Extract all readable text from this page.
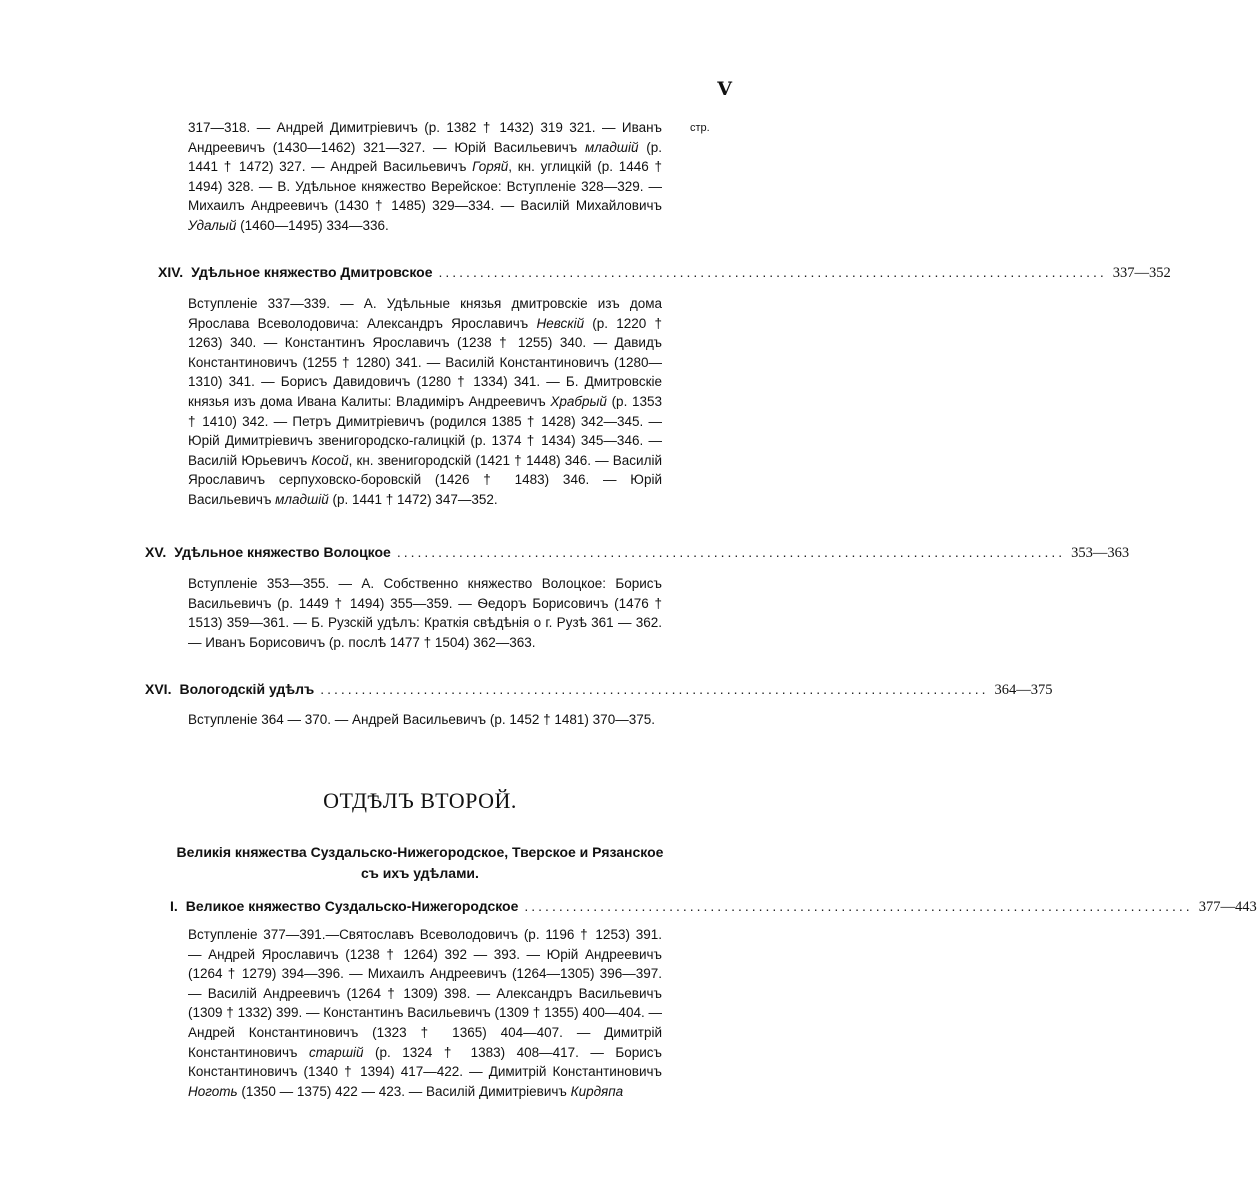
V
стр.
317—318. — Андрей Димитріевичъ (р. 1382 † 1432) 319 321. — Иванъ Андреевичъ (1430—1462) 321—327. — Юрій Васильевичъ младшій (р. 1441 † 1472) 327. — Андрей Васильевичъ Горяй, кн. углицкій (р. 1446 † 1494) 328. — В. Удѣльное княжество Верейское: Вступленіе 328—329. — Михаилъ Андреевичъ (1430 † 1485) 329—334. — Василій Михайловичъ Удалый (1460—1495) 334—336.
XIV. Удѣльное княжество Дмитровское ................................................................................................. 337—352
Вступленіе 337—339. — А. Удѣльные князья дмитровскіе изъ дома Ярослава Всеволодовича: Александръ Ярославичъ Невскій (р. 1220 † 1263) 340. — Константинъ Ярославичъ (1238 † 1255) 340. — Давидъ Константиновичъ (1255 † 1280) 341. — Василій Константиновичъ (1280—1310) 341. — Борисъ Давидовичъ (1280 † 1334) 341. — Б. Дмитровскіе князья изъ дома Ивана Калиты: Владиміръ Андреевичъ Храбрый (р. 1353 † 1410) 342. — Петръ Димитріевичъ (родился 1385 † 1428) 342—345. — Юрій Димитріевичъ звенигородско-галицкій (р. 1374 † 1434) 345—346. — Василій Юрьевичъ Косой, кн. звенигородскій (1421 † 1448) 346. — Василій Ярославичъ серпуховско-боровскій (1426 † 1483) 346. — Юрій Васильевичъ младшій (р. 1441 † 1472) 347—352.
XV. Удѣльное княжество Волоцкое ................................................................................................. 353—363
Вступленіе 353—355. — А. Собственно княжество Волоцкое: Борисъ Васильевичъ (р. 1449 † 1494) 355—359. — Ѳедоръ Борисовичъ (1476 † 1513) 359—361. — Б. Рузскій удѣлъ: Краткія свѣдѣнія о г. Рузѣ 361 — 362. — Иванъ Борисовичъ (р. послѣ 1477 † 1504) 362—363.
XVI. Вологодскій удѣлъ ................................................................................................. 364—375
Вступленіе 364 — 370. — Андрей Васильевичъ (р. 1452 † 1481) 370—375.
ОТДѢЛЪ ВТОРОЙ.
Великія княжества Суздальско-Нижегородское, Тверское и Рязанское
съ ихъ удѣлами.
I. Великое княжество Суздальско-Нижегородское ................................................................................................. 377—443
Вступленіе 377—391.—Святославъ Всеволодовичъ (р. 1196 † 1253) 391. — Андрей Ярославичъ (1238 † 1264) 392 — 393. — Юрій Андреевичъ (1264 † 1279) 394—396. — Михаилъ Андреевичъ (1264—1305) 396—397. — Василій Андреевичъ (1264 † 1309) 398. — Александръ Васильевичъ (1309 † 1332) 399. — Константинъ Васильевичъ (1309 † 1355) 400—404. — Андрей Константиновичъ (1323 † 1365) 404—407. — Димитрій Константиновичъ старшій (р. 1324 † 1383) 408—417. — Борисъ Константиновичъ (1340 † 1394) 417—422. — Димитрій Константиновичъ Ноготь (1350 — 1375) 422 — 423. — Василій Димитріевичъ Кирдяпа
